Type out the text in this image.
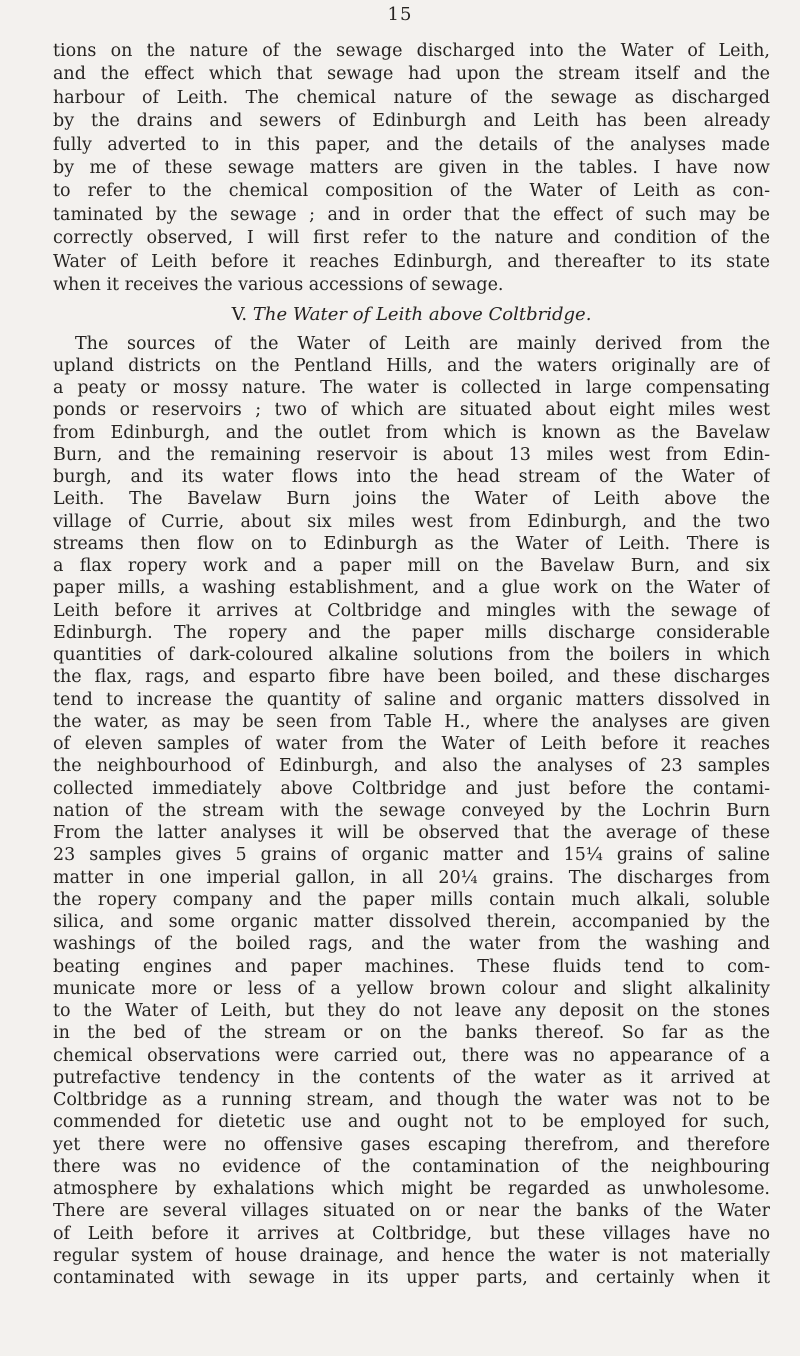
15
tions on the nature of the sewage discharged into the Water of Leith,
and the effect which that sewage had upon the stream itself and the
harbour of Leith. The chemical nature of the sewage as discharged
by the drains and sewers of Edinburgh and Leith has been already
fully adverted to in this paper, and the details of the analyses made
by me of these sewage matters are given in the tables. I have now
to refer to the chemical composition of the Water of Leith as con-
taminated by the sewage ; and in order that the effect of such may be
correctly observed, I will first refer to the nature and condition of the
Water of Leith before it reaches Edinburgh, and thereafter to its state
when it receives the various accessions of sewage.
V. The Water of Leith above Coltbridge.
The sources of the Water of Leith are mainly derived from the
upland districts on the Pentland Hills, and the waters originally are of
a peaty or mossy nature. The water is collected in large compensating
ponds or reservoirs ; two of which are situated about eight miles west
from Edinburgh, and the outlet from which is known as the Bavelaw
Burn, and the remaining reservoir is about 13 miles west from Edin-
burgh, and its water flows into the head stream of the Water of
Leith. The Bavelaw Burn joins the Water of Leith above the
village of Currie, about six miles west from Edinburgh, and the two
streams then flow on to Edinburgh as the Water of Leith. There is
a flax ropery work and a paper mill on the Bavelaw Burn, and six
paper mills, a washing establishment, and a glue work on the Water of
Leith before it arrives at Coltbridge and mingles with the sewage of
Edinburgh. The ropery and the paper mills discharge considerable
quantities of dark-coloured alkaline solutions from the boilers in which
the flax, rags, and esparto fibre have been boiled, and these discharges
tend to increase the quantity of saline and organic matters dissolved in
the water, as may be seen from Table H., where the analyses are given
of eleven samples of water from the Water of Leith before it reaches
the neighbourhood of Edinburgh, and also the analyses of 23 samples
collected immediately above Coltbridge and just before the contami-
nation of the stream with the sewage conveyed by the Lochrin Burn
From the latter analyses it will be observed that the average of these
23 samples gives 5 grains of organic matter and 15¼ grains of saline
matter in one imperial gallon, in all 20¼ grains. The discharges from
the ropery company and the paper mills contain much alkali, soluble
silica, and some organic matter dissolved therein, accompanied by the
washings of the boiled rags, and the water from the washing and
beating engines and paper machines. These fluids tend to com-
municate more or less of a yellow brown colour and slight alkalinity
to the Water of Leith, but they do not leave any deposit on the stones
in the bed of the stream or on the banks thereof. So far as the
chemical observations were carried out, there was no appearance of a
putrefactive tendency in the contents of the water as it arrived at
Coltbridge as a running stream, and though the water was not to be
commended for dietetic use and ought not to be employed for such,
yet there were no offensive gases escaping therefrom, and therefore
there was no evidence of the contamination of the neighbouring
atmosphere by exhalations which might be regarded as unwholesome.
There are several villages situated on or near the banks of the Water
of Leith before it arrives at Coltbridge, but these villages have no
regular system of house drainage, and hence the water is not materially
contaminated with sewage in its upper parts, and certainly when it
